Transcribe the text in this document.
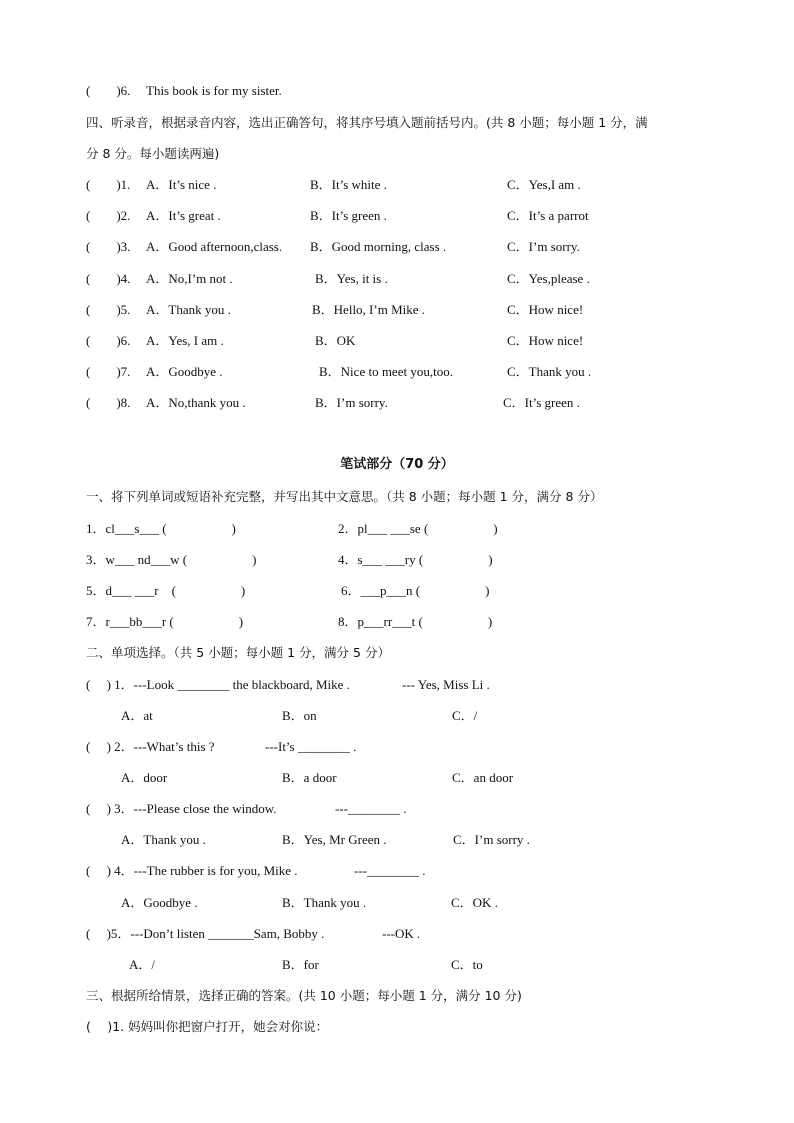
(　　)6. This book is for my sister.
四、听录音，根据录音内容，选出正确答句，将其序号填入题前括号内。(共 8 小题；每小题 1 分，满
分 8 分。每小题读两遍)
(　　)1. A．It’s nice .	B．It’s white .	C．Yes,I am .
(　　)2. A．It’s great .	B．It’s green .	C．It’s a parrot
(　　)3. A．Good afternoon,class. B．Good morning, class .	C．I’m sorry.
(　　)4. A．No,I’m not .	B．Yes, it is .	C．Yes,please .
(　　)5. A．Thank you .	B．Hello, I’m Mike .	C．How nice!
(　　)6. A．Yes, I am .	B．OK	C．How nice!
(　　)7. A．Goodbye .	B．Nice to meet you,too.	C．Thank you .
(　　)8. A．No,thank you .	B．I’m sorry.	C．It’s green .
笔试部分（70 分）
一、将下列单词或短语补充完整，并写出其中文意思。（共 8 小题；每小题 1 分，满分 8 分）
1．cl___s___ (　　　　　)	2．pl___ ___se (　　　　　)
3．w___ nd___w (　　　　　)	4．s___ ___ry (　　　　　)
5．d___ ___r　(　　　　　)	6．___p___n (　　　　　)
7．r___bb___r (　　　　　)	8．p___rr___t (　　　　　)
二、单项选择。（共 5 小题；每小题 1 分，满分 5 分）
(　 ) 1．---Look ________ the blackboard, Mike .	--- Yes, Miss Li .
A．at	B．on	C．/
(　 ) 2．---What’s this ?	---It’s ________ .
A．door	B．a door	C．an door
(　 ) 3．---Please close the window.	---________ .
A．Thank you .	B．Yes, Mr Green .	C．I’m sorry .
(　 ) 4．---The rubber is for you, Mike .	---________ .
A．Goodbye .	B．Thank you .	C．OK .
(　 )5．---Don’t listen _______Sam, Bobby .	---OK .
A．/	B．for	C．to
三、根据所给情景，选择正确的答案。(共 10 小题；每小题 1 分，满分 10 分)
(　 )1. 妈妈叫你把窗户打开，她会对你说：
